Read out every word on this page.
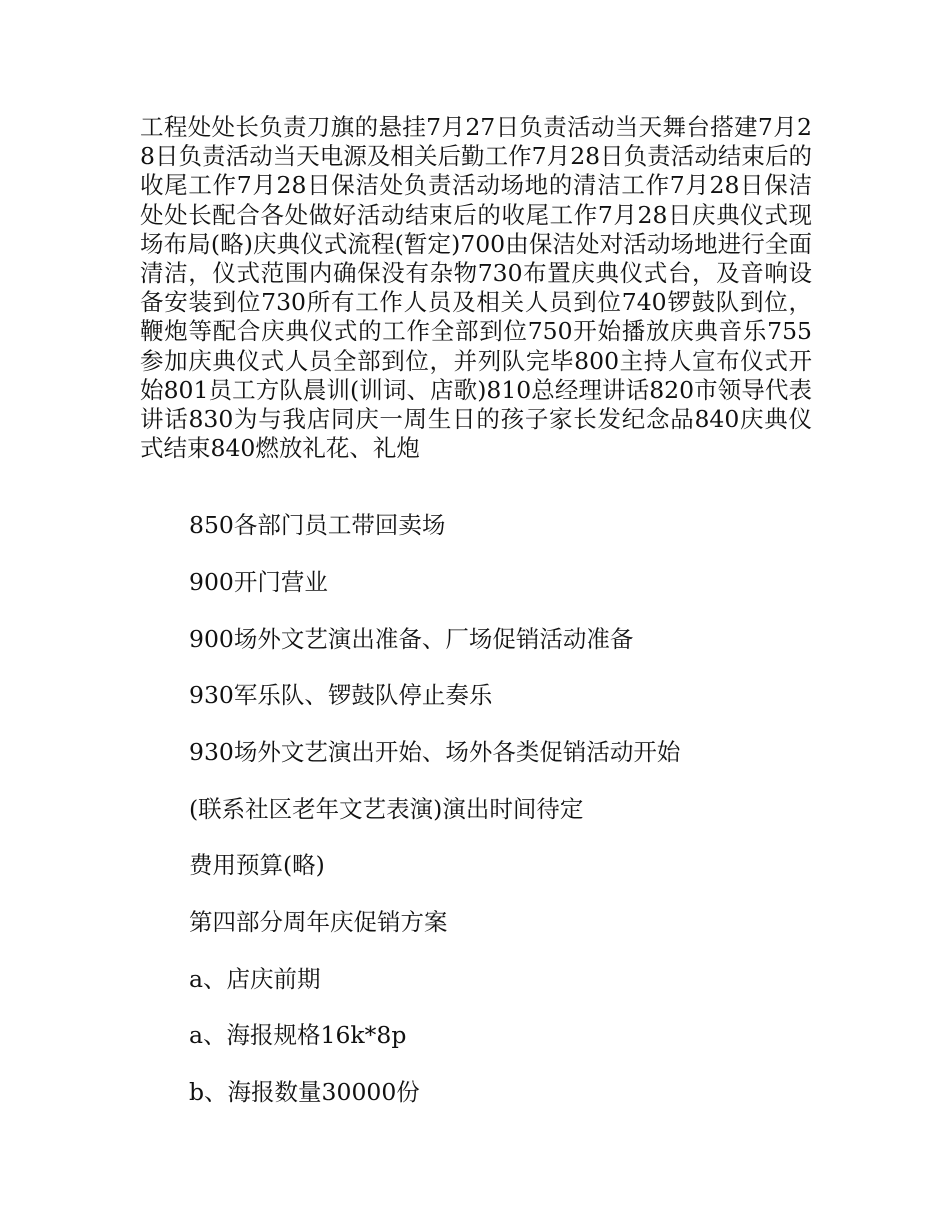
工程处处长负责刀旗的悬挂7月27日负责活动当天舞台搭建7月28日负责活动当天电源及相关后勤工作7月28日负责活动结束后的收尾工作7月28日保洁处负责活动场地的清洁工作7月28日保洁处处长配合各处做好活动结束后的收尾工作7月28日庆典仪式现场布局(略)庆典仪式流程(暂定)700由保洁处对活动场地进行全面清洁，仪式范围内确保没有杂物730布置庆典仪式台，及音响设备安装到位730所有工作人员及相关人员到位740锣鼓队到位，鞭炮等配合庆典仪式的工作全部到位750开始播放庆典音乐755参加庆典仪式人员全部到位，并列队完毕800主持人宣布仪式开始801员工方队晨训(训词、店歌)810总经理讲话820市领导代表讲话830为与我店同庆一周生日的孩子家长发纪念品840庆典仪式结束840燃放礼花、礼炮

850各部门员工带回卖场

900开门营业

900场外文艺演出准备、厂场促销活动准备

930军乐队、锣鼓队停止奏乐

930场外文艺演出开始、场外各类促销活动开始

(联系社区老年文艺表演)演出时间待定

费用预算(略)

第四部分周年庆促销方案

a、店庆前期

a、海报规格16k*8p

b、海报数量30000份
